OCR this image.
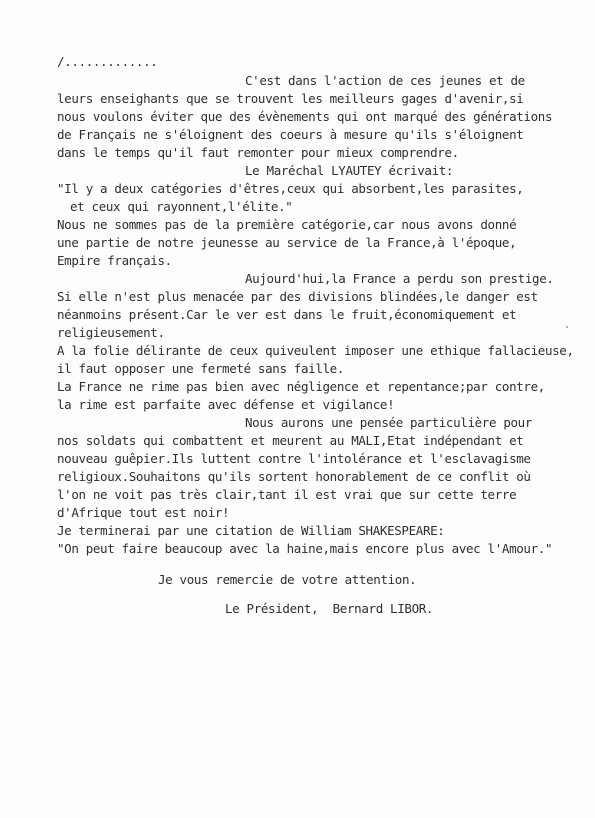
/.............
C'est dans l'action de ces jeunes et de
leurs enseighants que se trouvent les meilleurs gages d'avenir,si
nous voulons éviter que des évènements qui ont marqué des générations
de Français ne s'éloignent des coeurs à mesure qu'ils s'éloignent
dans le temps qu'il faut remonter pour mieux comprendre.
Le Maréchal LYAUTEY écrivait:
"Il y a deux catégories d'êtres,ceux qui absorbent,les parasites,
et ceux qui rayonnent,l'élite."
Nous ne sommes pas de la première catégorie,car nous avons donné
une partie de notre jeunesse au service de la France,à l'époque,
Empire français.
Aujourd'hui,la France a perdu son prestige.
Si elle n'est plus menacée par des divisions blindées,le danger est
néanmoins présent.Car le ver est dans le fruit,économiquement et
religieusement.
A la folie délirante de ceux quiveulent imposer une ethique fallacieuse,
il faut opposer une fermeté sans faille.
La France ne rime pas bien avec négligence et repentance;par contre,
la rime est parfaite avec défense et vigilance!
Nous aurons une pensée particulière pour
nos soldats qui combattent et meurent au MALI,Etat indépendant et
nouveau guêpier.Ils luttent contre l'intolérance et l'esclavagisme
religioux.Souhaitons qu'ils sortent honorablement de ce conflit où
l'on ne voit pas très clair,tant il est vrai que sur cette terre
d'Afrique tout est noir!
Je terminerai par une citation de William SHAKESPEARE:
"On peut faire beaucoup avec la haine,mais encore plus avec l'Amour."
Je vous remercie de votre attention.
Le Président,  Bernard LIBOR.
